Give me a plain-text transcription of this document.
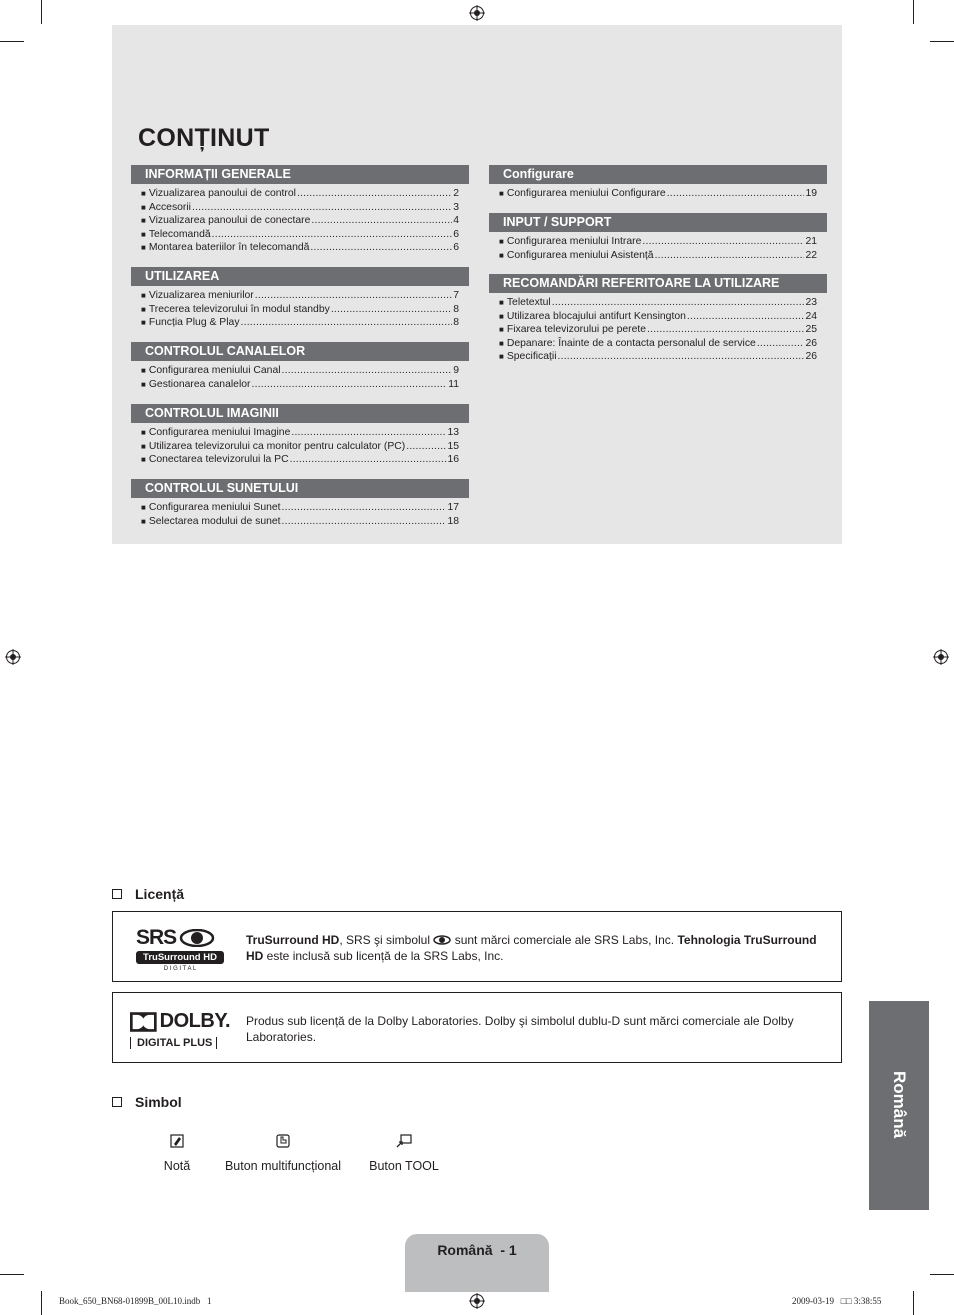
CONȚINUT
INFORMAȚII GENERALE
■ Vizualizarea panoului de control .....	2
■ Accesorii .....	3
■ Vizualizarea panoului de conectare .....	4
■ Telecomandă .....	6
■ Montarea bateriilor în telecomandă .....	6
UTILIZAREA
■ Vizualizarea meniurilor .....	7
■ Trecerea televizorului în modul standby .....	8
■ Funcția Plug & Play .....	8
CONTROLUL CANALELOR
■ Configurarea meniului Canal .....	9
■ Gestionarea canalelor .....	11
CONTROLUL IMAGINII
■ Configurarea meniului Imagine .....	13
■ Utilizarea televizorului ca monitor pentru calculator (PC) .....	15
■ Conectarea televizorului la PC .....	16
CONTROLUL SUNETULUI
■ Configurarea meniului Sunet .....	17
■ Selectarea modului de sunet .....	18
Configurare
■ Configurarea meniului Configurare .....	19
INPUT / SUPPORT
■ Configurarea meniului Intrare .....	21
■ Configurarea meniului Asistență .....	22
RECOMANDĂRI REFERITOARE LA UTILIZARE
■ Teletextul .....	23
■ Utilizarea blocajului antifurt Kensington .....	24
■ Fixarea televizorului pe perete .....	25
■ Depanare: Înainte de a contacta personalul de service .....	26
■ Specificații .....	26
Licență
SRS
TruSurround HD
D I G I T A L
TruSurround HD, SRS şi simbolul  sunt mărci comerciale ale SRS Labs, Inc. Tehnologia TruSurround HD este inclusă sub licență de la SRS Labs, Inc.
DOLBY.
DIGITAL PLUS
Produs sub licență de la Dolby Laboratories. Dolby şi simbolul dublu-D sunt mărci comerciale ale Dolby Laboratories.
Simbol
Notă	Buton multifuncțional	Buton TOOL
Română
Română  - 1
Book_650_BN68-01899B_00L10.indb   1	2009-03-19   □□ 3:38:55
